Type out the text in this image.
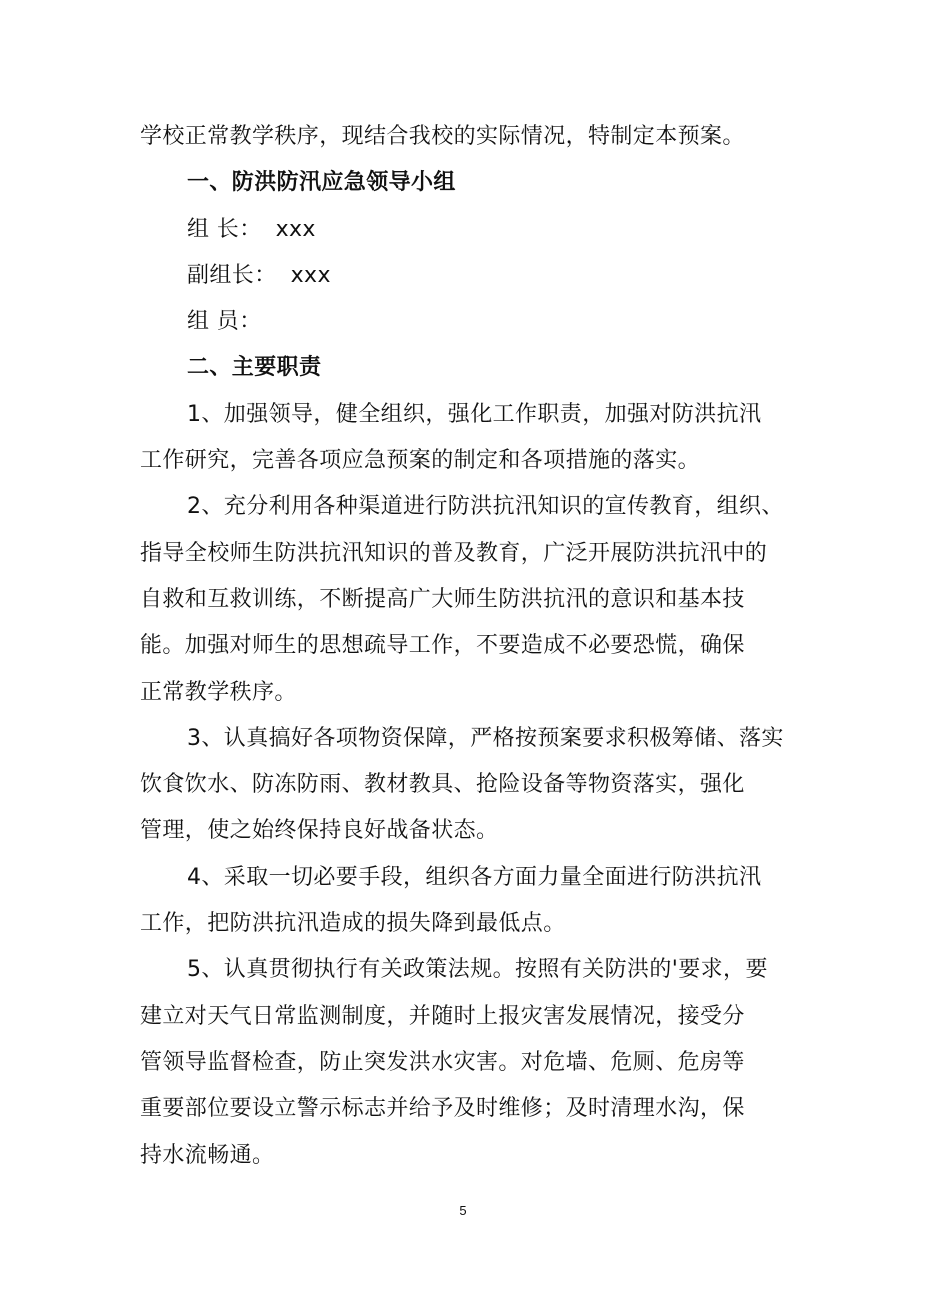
学校正常教学秩序，现结合我校的实际情况，特制定本预案。

一、防洪防汛应急领导小组

组 长： xxx

副组长： xxx

组 员：

二、主要职责

1、加强领导，健全组织，强化工作职责，加强对防洪抗汛

工作研究，完善各项应急预案的制定和各项措施的落实。

2、充分利用各种渠道进行防洪抗汛知识的宣传教育，组织、

指导全校师生防洪抗汛知识的普及教育，广泛开展防洪抗汛中的

自救和互救训练，不断提高广大师生防洪抗汛的意识和基本技

能。加强对师生的思想疏导工作，不要造成不必要恐慌，确保

正常教学秩序。

3、认真搞好各项物资保障，严格按预案要求积极筹储、落实

饮食饮水、防冻防雨、教材教具、抢险设备等物资落实，强化

管理，使之始终保持良好战备状态。

4、采取一切必要手段，组织各方面力量全面进行防洪抗汛

工作，把防洪抗汛造成的损失降到最低点。

5、认真贯彻执行有关政策法规。按照有关防洪的'要求，要

建立对天气日常监测制度，并随时上报灾害发展情况，接受分

管领导监督检查，防止突发洪水灾害。对危墙、危厕、危房等

重要部位要设立警示标志并给予及时维修；及时清理水沟，保

持水流畅通。

5
